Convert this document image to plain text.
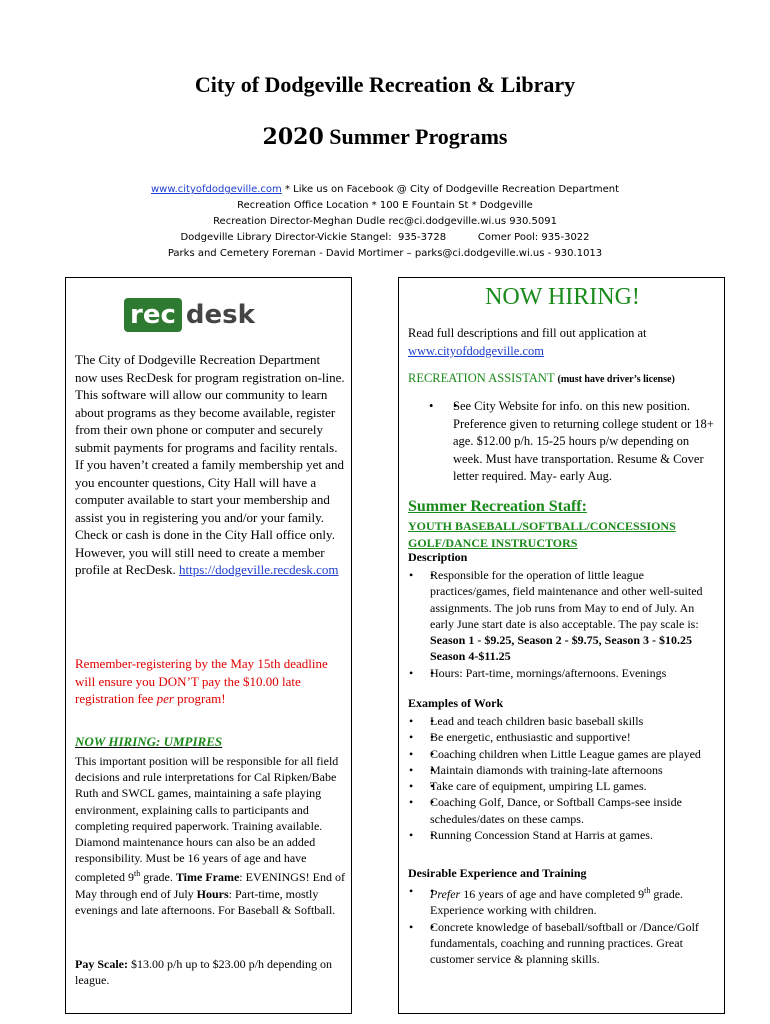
City of Dodgeville Recreation & Library
2020 Summer Programs
www.cityofdodgeville.com * Like us on Facebook @ City of Dodgeville Recreation Department
Recreation Office Location * 100 E Fountain St * Dodgeville
Recreation Director-Meghan Dudle rec@ci.dodgeville.wi.us 930.5091
Dodgeville Library Director-Vickie Stangel:  935-3728          Comer Pool: 935-3022
Parks and Cemetery Foreman - David Mortimer – parks@ci.dodgeville.wi.us - 930.1013
rec desk
The City of Dodgeville Recreation Department now uses RecDesk for program registration on-line. This software will allow our community to learn about programs as they become available, register from their own phone or computer and securely submit payments for programs and facility rentals. If you haven’t created a family membership yet and you encounter questions, City Hall will have a computer available to start your membership and assist you in registering you and/or your family. Check or cash is done in the City Hall office only. However, you will still need to create a member profile at RecDesk. https://dodgeville.recdesk.com
Remember-registering by the May 15th deadline will ensure you DON’T pay the $10.00 late registration fee per program!
NOW HIRING: UMPIRES
This important position will be responsible for all field decisions and rule interpretations for Cal Ripken/Babe Ruth and SWCL games, maintaining a safe playing environment, explaining calls to participants and completing required paperwork. Training available. Diamond maintenance hours can also be an added responsibility. Must be 16 years of age and have completed 9th grade. Time Frame: EVENINGS! End of May through end of July Hours: Part-time, mostly evenings and late afternoons. For Baseball & Softball.
Pay Scale: $13.00 p/h up to $23.00 p/h depending on league.
NOW HIRING!
Read full descriptions and fill out application at
www.cityofdodgeville.com
RECREATION ASSISTANT (must have driver’s license)
• • See City Website for info. on this new position. Preference given to returning college student or 18+ age. $12.00 p/h. 15-25 hours p/w depending on week. Must have transportation. Resume & Cover letter required. May- early Aug.
Summer Recreation Staff:
YOUTH BASEBALL/SOFTBALL/CONCESSIONS GOLF/DANCE INSTRUCTORS
Description
• • Responsible for the operation of little league practices/games, field maintenance and other well-suited assignments. The job runs from May to end of July. An early June start date is also acceptable. The pay scale is: Season 1 - $9.25, Season 2 - $9.75, Season 3 - $10.25 Season 4-$11.25
• • Hours: Part-time, mornings/afternoons. Evenings
Examples of Work
• • Lead and teach children basic baseball skills
• • Be energetic, enthusiastic and supportive!
• • Coaching children when Little League games are played
• • Maintain diamonds with training-late afternoons
• • Take care of equipment, umpiring LL games.
• • Coaching Golf, Dance, or Softball Camps-see inside schedules/dates on these camps.
• • Running Concession Stand at Harris at games.
Desirable Experience and Training
• • Prefer 16 years of age and have completed 9th grade. Experience working with children.
• • Concrete knowledge of baseball/softball or /Dance/Golf fundamentals, coaching and running practices. Great customer service & planning skills.
